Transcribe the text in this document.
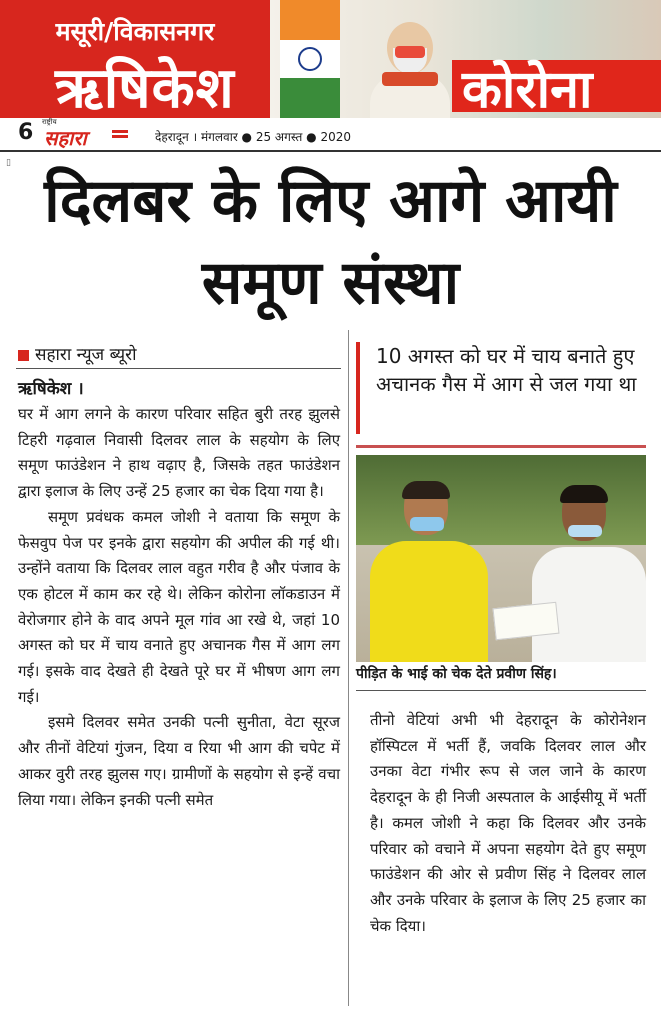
मसूरी/विकासनगर
ऋषिकेश	कोरोना
6 राष्ट्रीय
सहारा	देहरादून । मंगलवार ● 25 अगस्त ● 2020
▯
दिलबर के लिए आगे आयी समूण संस्था
सहारा न्यूज ब्यूरो
ऋषिकेश ।

घर में आग लगने के कारण परिवार सहित बुरी तरह झुलसे टिहरी गढ़वाल निवासी दिलवर लाल के सहयोग के लिए समूण फाउंडेशन ने हाथ वढ़ाए है, जिसके तहत फाउंडेशन द्वारा इलाज के लिए उन्हें 25 हजार का चेक दिया गया है।

समूण प्रवंधक कमल जोशी ने वताया कि समूण के फेसवुप पेज पर इनके द्वारा सहयोग की अपील की गई थी। उन्होंने वताया कि दिलवर लाल वहुत गरीव है और पंजाव के एक होटल में काम कर रहे थे। लेकिन कोरोना लॉकडाउन में वेरोजगार होने के वाद अपने मूल गांव आ रखे थे, जहां 10 अगस्त को घर में चाय वनाते हुए अचानक गैस में आग लग गई। इसके वाद देखते ही देखते पूरे घर में भीषण आग लग गई।

इसमे दिलवर समेत उनकी पत्नी सुनीता, वेटा सूरज और तीनों वेटियां गुंजन, दिया व रिया भी आग की चपेट में आकर वुरी तरह झुलस गए। ग्रामीणों के सहयोग से इन्हें वचा लिया गया। लेकिन इनकी पत्नी समेत

10 अगस्त को घर में चाय बनाते हुए अचानक गैस में आग से जल गया था
पीड़ित के भाई को चेक देते प्रवीण सिंह।

तीनो वेटियां अभी भी देहरादून के कोरोनेशन हॉस्पिटल में भर्ती हैं, जवकि दिलवर लाल और उनका वेटा गंभीर रूप से जल जाने के कारण देहरादून के ही निजी अस्पताल के आईसीयू में भर्ती है। कमल जोशी ने कहा कि दिलवर और उनके परिवार को वचाने में अपना सहयोग देते हुए समूण फाउंडेशन की ओर से प्रवीण सिंह ने दिलवर लाल और उनके परिवार के इलाज के लिए 25 हजार का चेक दिया।
